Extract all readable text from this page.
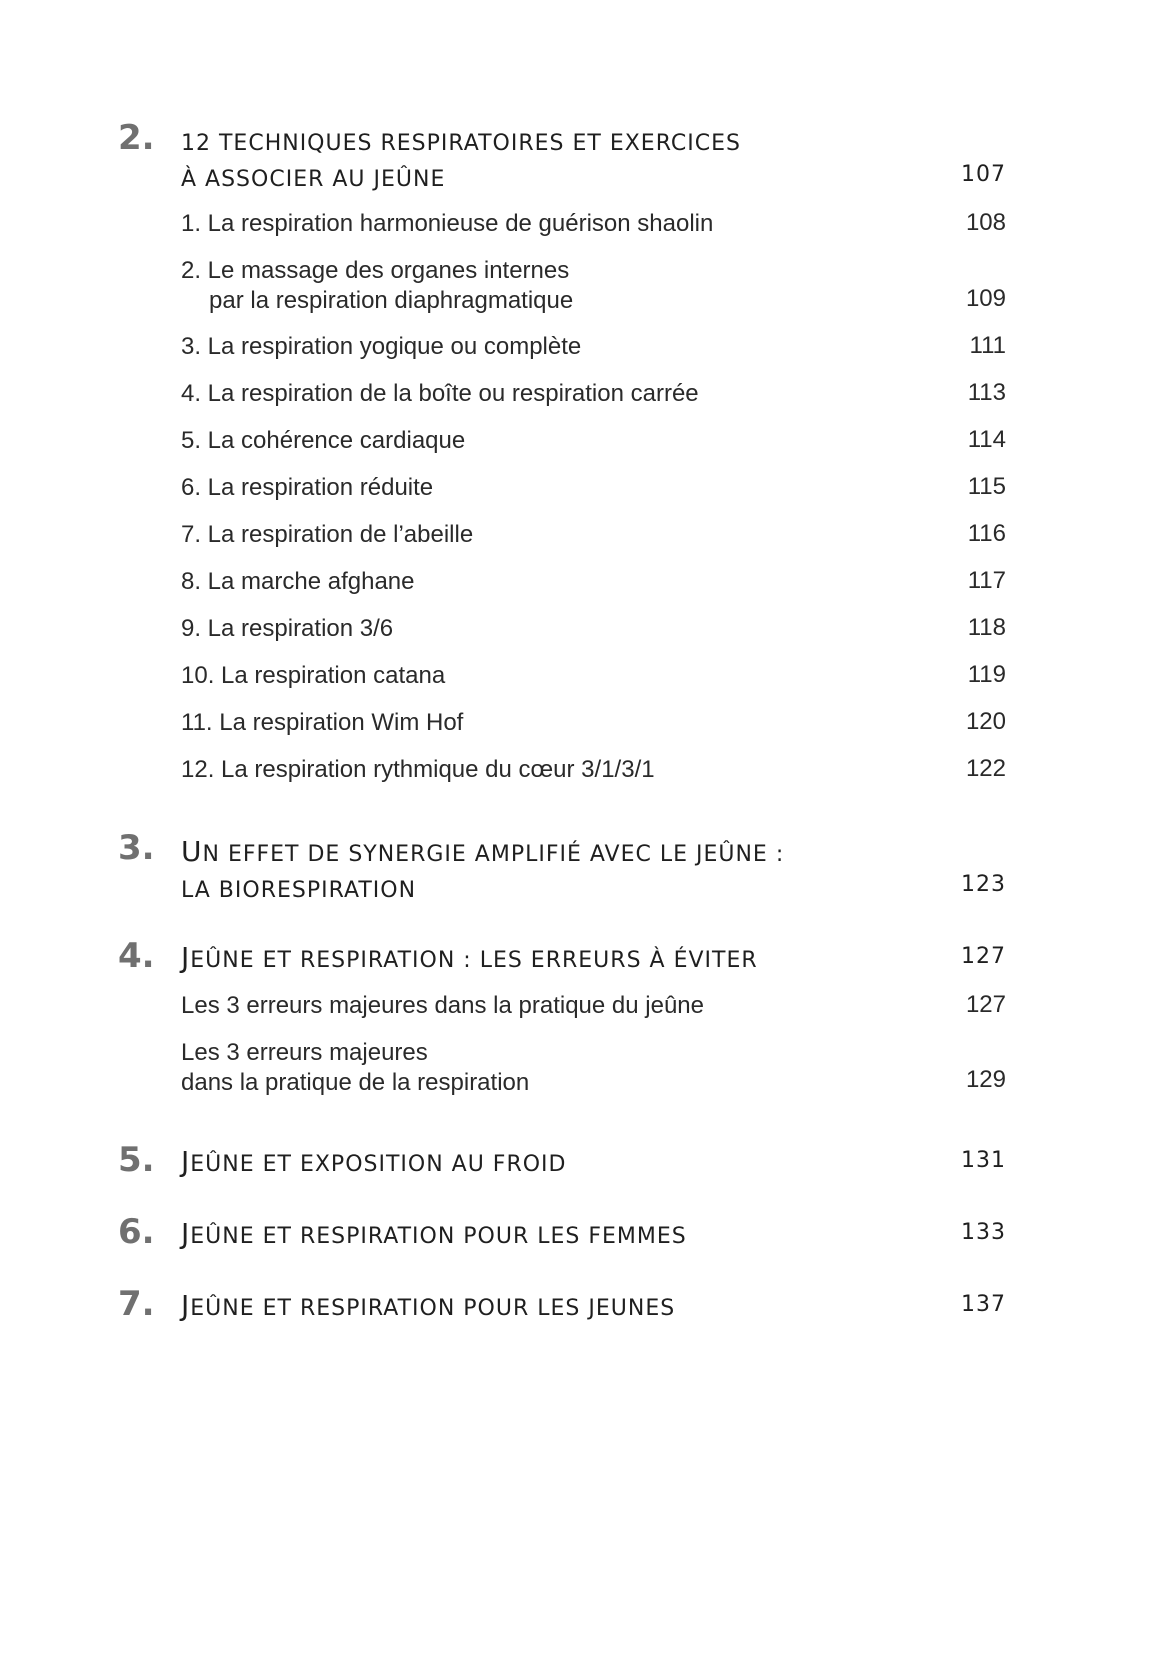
2. 12 TECHNIQUES RESPIRATOIRES ET EXERCICES
À ASSOCIER AU JEÛNE	107
1. La respiration harmonieuse de guérison shaolin	108
2. Le massage des organes internes
par la respiration diaphragmatique	109
3. La respiration yogique ou complète	111
4. La respiration de la boîte ou respiration carrée	113
5. La cohérence cardiaque	114
6. La respiration réduite	115
7. La respiration de l’abeille	116
8. La marche afghane	117
9. La respiration 3/6	118
10. La respiration catana	119
11. La respiration Wim Hof	120
12. La respiration rythmique du cœur 3/1/3/1	122
3. UN EFFET DE SYNERGIE AMPLIFIÉ AVEC LE JEÛNE :
LA BIORESPIRATION	123
4. JEÛNE ET RESPIRATION : LES ERREURS À ÉVITER	127
Les 3 erreurs majeures dans la pratique du jeûne	127
Les 3 erreurs majeures
dans la pratique de la respiration	129
5. JEÛNE ET EXPOSITION AU FROID	131
6. JEÛNE ET RESPIRATION POUR LES FEMMES	133
7. JEÛNE ET RESPIRATION POUR LES JEUNES	137
